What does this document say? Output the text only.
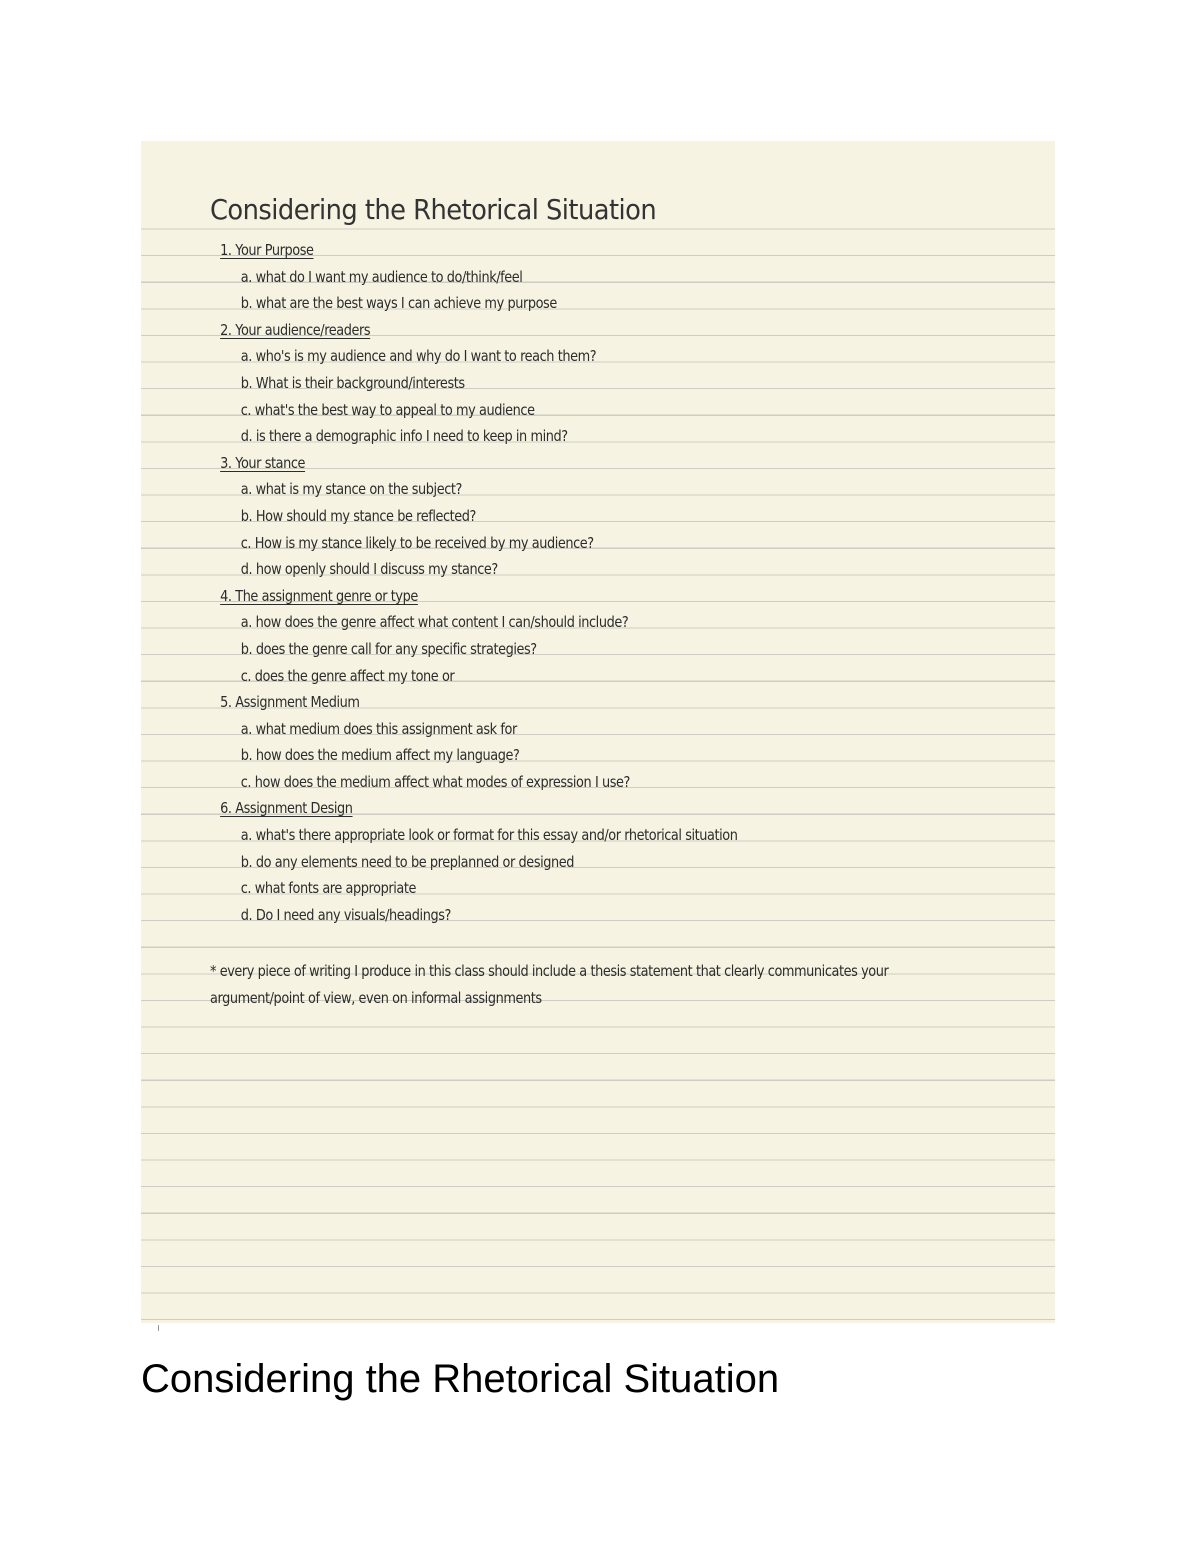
Considering the Rhetorical Situation
1. Your Purpose
a. what do I want my audience to do/think/feel
b. what are the best ways I can achieve my purpose
2. Your audience/readers
a. who's is my audience and why do I want to reach them?
b. What is their background/interests
c. what's the best way to appeal to my audience
d. is there a demographic info I need to keep in mind?
3. Your stance
a. what is my stance on the subject?
b. How should my stance be reflected?
c. How is my stance likely to be received by my audience?
d. how openly should I discuss my stance?
4. The assignment genre or type
a. how does the genre affect what content I can/should include?
b. does the genre call for any specific strategies?
c. does the genre affect my tone or
5. Assignment Medium
a. what medium does this assignment ask for
b. how does the medium affect my language?
c. how does the medium affect what modes of expression I use?
6. Assignment Design
a. what's there appropriate look or format for this essay and/or rhetorical situation
b. do any elements need to be preplanned or designed
c. what fonts are appropriate
d. Do I need any visuals/headings?

* every piece of writing I produce in this class should include a thesis statement that clearly communicates your argument/point of view, even on informal assignments

Considering the Rhetorical Situation
